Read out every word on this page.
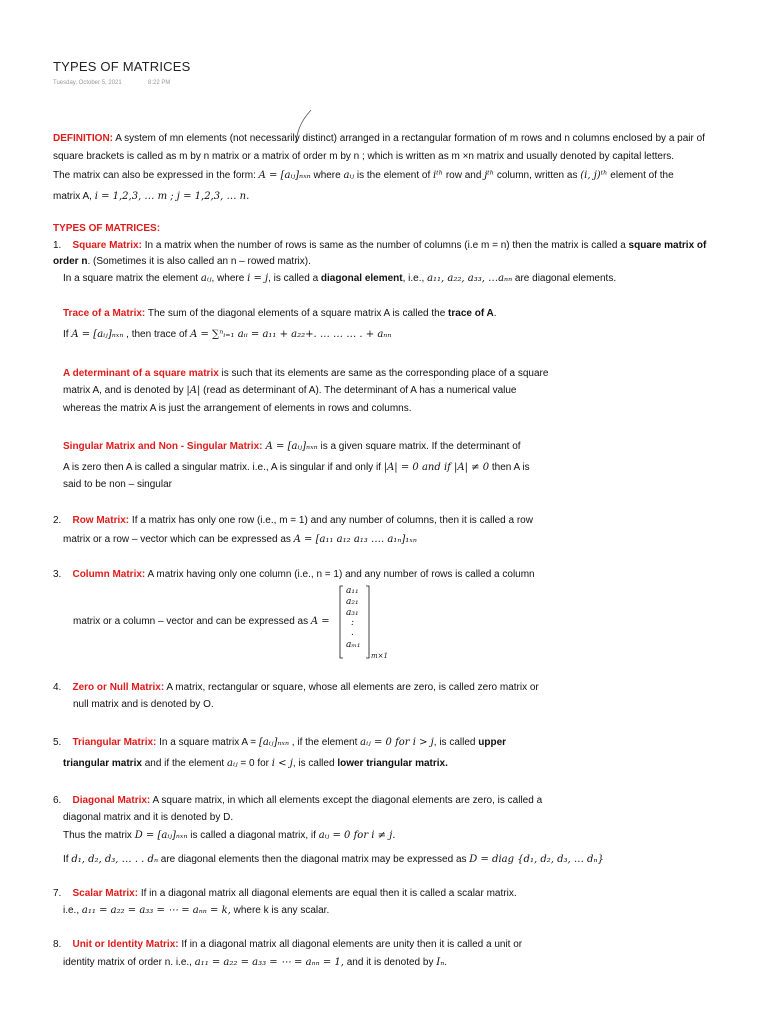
TYPES OF MATRICES
Tuesday, October 5, 2021	8:22 PM
DEFINITION: A system of mn elements (not necessarily distinct) arranged in a rectangular formation of m rows and n columns enclosed by a pair of
square brackets is called as m by n matrix or a matrix of order m by n ; which is written as m ×n matrix and usually denoted by capital letters.
The matrix can also be expressed in the form: A = [aᵢⱼ]ₙₓₙ where aᵢⱼ is the element of iᵗʰ row and jᵗʰ column, written as (i, j)ᵗʰ element of the
matrix A, i = 1,2,3, … m ; j = 1,2,3, … n.
TYPES OF MATRICES:
1. Square Matrix: In a matrix when the number of rows is same as the number of columns (i.e m = n) then the matrix is called a square matrix of
order n. (Sometimes it is also called an n – rowed matrix).
In a square matrix the element aᵢⱼ, where i = j, is called a diagonal element, i.e., a₁₁, a₂₂, a₃₃, …aₙₙ are diagonal elements.
Trace of a Matrix: The sum of the diagonal elements of a square matrix A is called the trace of A.
If A = [aᵢⱼ]ₙₓₙ , then trace of A = ∑ⁿᵢ₌₁ aᵢᵢ = a₁₁ + a₂₂+. … … … . + aₙₙ
A determinant of a square matrix is such that its elements are same as the corresponding place of a square
matrix A, and is denoted by |A| (read as determinant of A). The determinant of A has a numerical value
whereas the matrix A is just the arrangement of elements in rows and columns.
Singular Matrix and Non - Singular Matrix: A = [aᵢⱼ]ₙₓₙ is a given square matrix. If the determinant of
A is zero then A is called a singular matrix. i.e., A is singular if and only if |A| = 0 and if |A| ≠ 0 then A is
said to be non – singular
2. Row Matrix: If a matrix has only one row (i.e., m = 1) and any number of columns, then it is called a row
matrix or a row – vector which can be expressed as A = [a₁₁ a₁₂ a₁₃ …. a₁ₙ]₁ₓₙ
3. Column Matrix: A matrix having only one column (i.e., n = 1) and any number of rows is called a column
matrix or a column – vector and can be expressed as A =
a₁₁
a₂₁
a₃₁
:
.
aₘ₁
m×1
4. Zero or Null Matrix: A matrix, rectangular or square, whose all elements are zero, is called zero matrix or
null matrix and is denoted by O.
5. Triangular Matrix: In a square matrix A = [aᵢⱼ]ₙₓₙ , if the element aᵢⱼ = 0 for i > j, is called upper
triangular matrix and if the element aᵢⱼ = 0 for i < j, is called lower triangular matrix.
6. Diagonal Matrix: A square matrix, in which all elements except the diagonal elements are zero, is called a
diagonal matrix and it is denoted by D.
Thus the matrix D = [aᵢⱼ]ₙₓₙ is called a diagonal matrix, if aᵢⱼ = 0 for i ≠ j.
If d₁, d₂, d₃, … . . dₙ are diagonal elements then the diagonal matrix may be expressed as D = diag {d₁, d₂, d₃, … dₙ}
7. Scalar Matrix: If in a diagonal matrix all diagonal elements are equal then it is called a scalar matrix.
i.e., a₁₁ = a₂₂ = a₃₃ = ⋯ = aₙₙ = k, where k is any scalar.
8. Unit or Identity Matrix: If in a diagonal matrix all diagonal elements are unity then it is called a unit or
identity matrix of order n. i.e., a₁₁ = a₂₂ = a₃₃ = ⋯ = aₙₙ = 1, and it is denoted by Iₙ.
